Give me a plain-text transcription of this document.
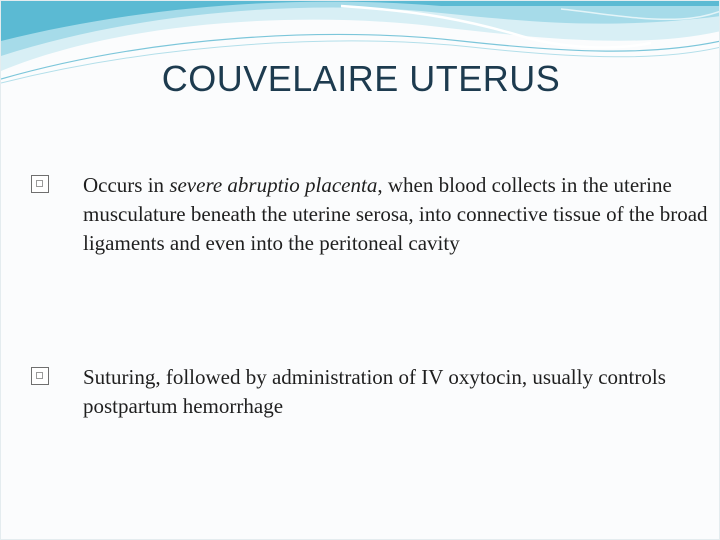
COUVELAIRE UTERUS
Occurs in severe abruptio placenta, when blood collects in the uterine musculature beneath the uterine serosa, into connective tissue of the broad ligaments and even into the peritoneal cavity
Suturing, followed by administration of IV oxytocin, usually controls postpartum hemorrhage
